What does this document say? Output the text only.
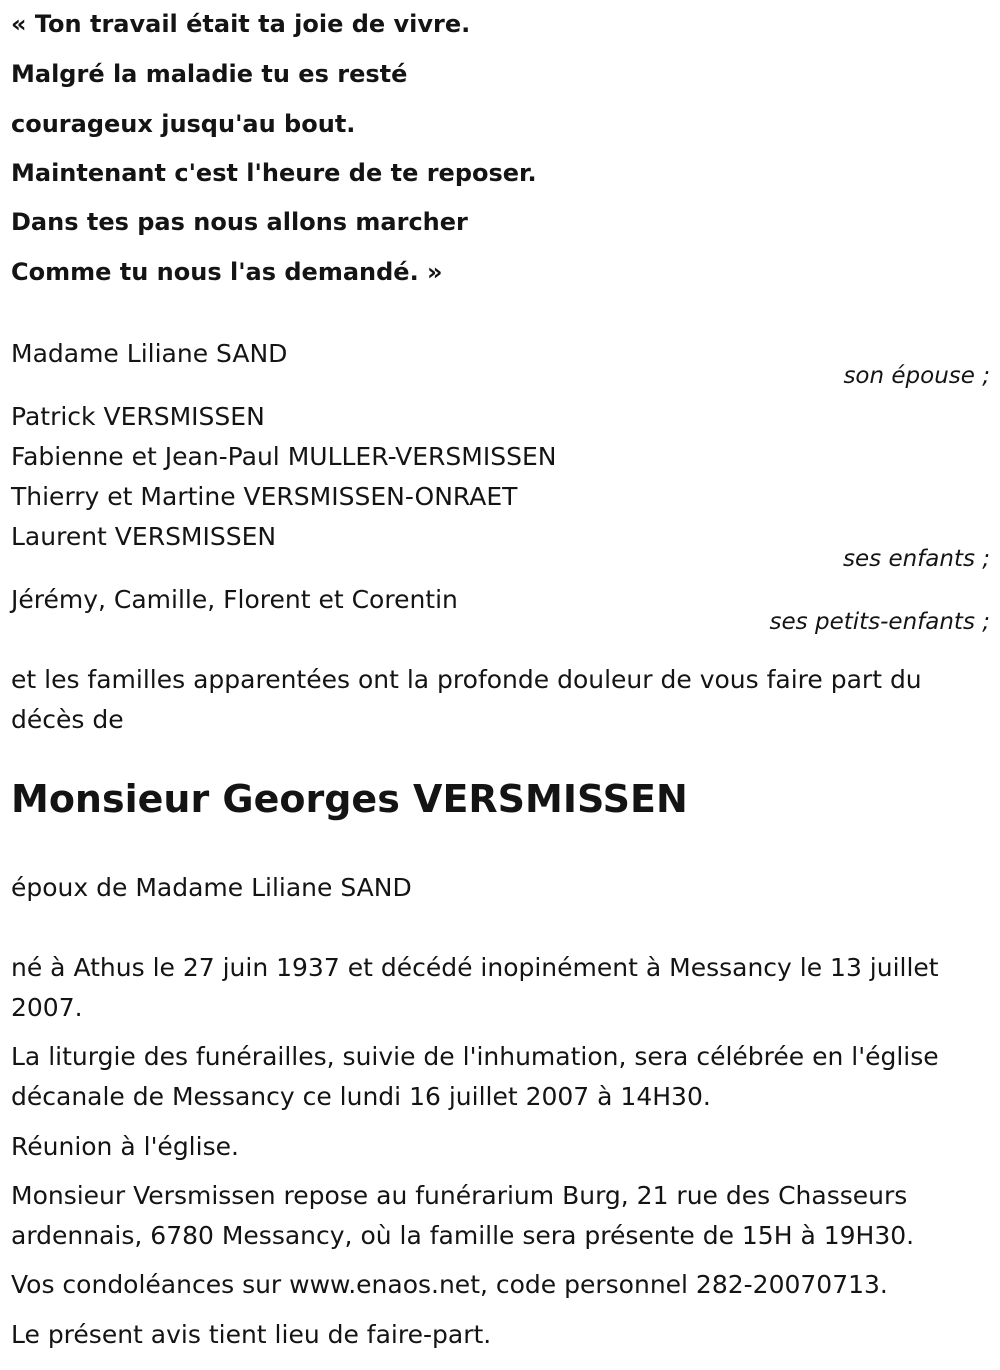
« Ton travail était ta joie de vivre.
Malgré la maladie tu es resté
courageux jusqu'au bout.
Maintenant c'est l'heure de te reposer.
Dans tes pas nous allons marcher
Comme tu nous l'as demandé. »
Madame Liliane SAND
son épouse ;
Patrick VERSMISSEN
Fabienne et Jean-Paul MULLER-VERSMISSEN
Thierry et Martine VERSMISSEN-ONRAET
Laurent VERSMISSEN
ses enfants ;
Jérémy, Camille, Florent et Corentin
ses petits-enfants ;
et les familles apparentées ont la profonde douleur de vous faire part du
décès de
Monsieur Georges VERSMISSEN
époux de Madame Liliane SAND
né à Athus le 27 juin 1937 et décédé inopinément à Messancy le 13 juillet
2007.
La liturgie des funérailles, suivie de l'inhumation, sera célébrée en l'église
décanale de Messancy ce lundi 16 juillet 2007 à 14H30.
Réunion à l'église.
Monsieur Versmissen repose au funérarium Burg, 21 rue des Chasseurs
ardennais, 6780 Messancy, où la famille sera présente de 15H à 19H30.
Vos condoléances sur www.enaos.net, code personnel 282-20070713.
Le présent avis tient lieu de faire-part.
